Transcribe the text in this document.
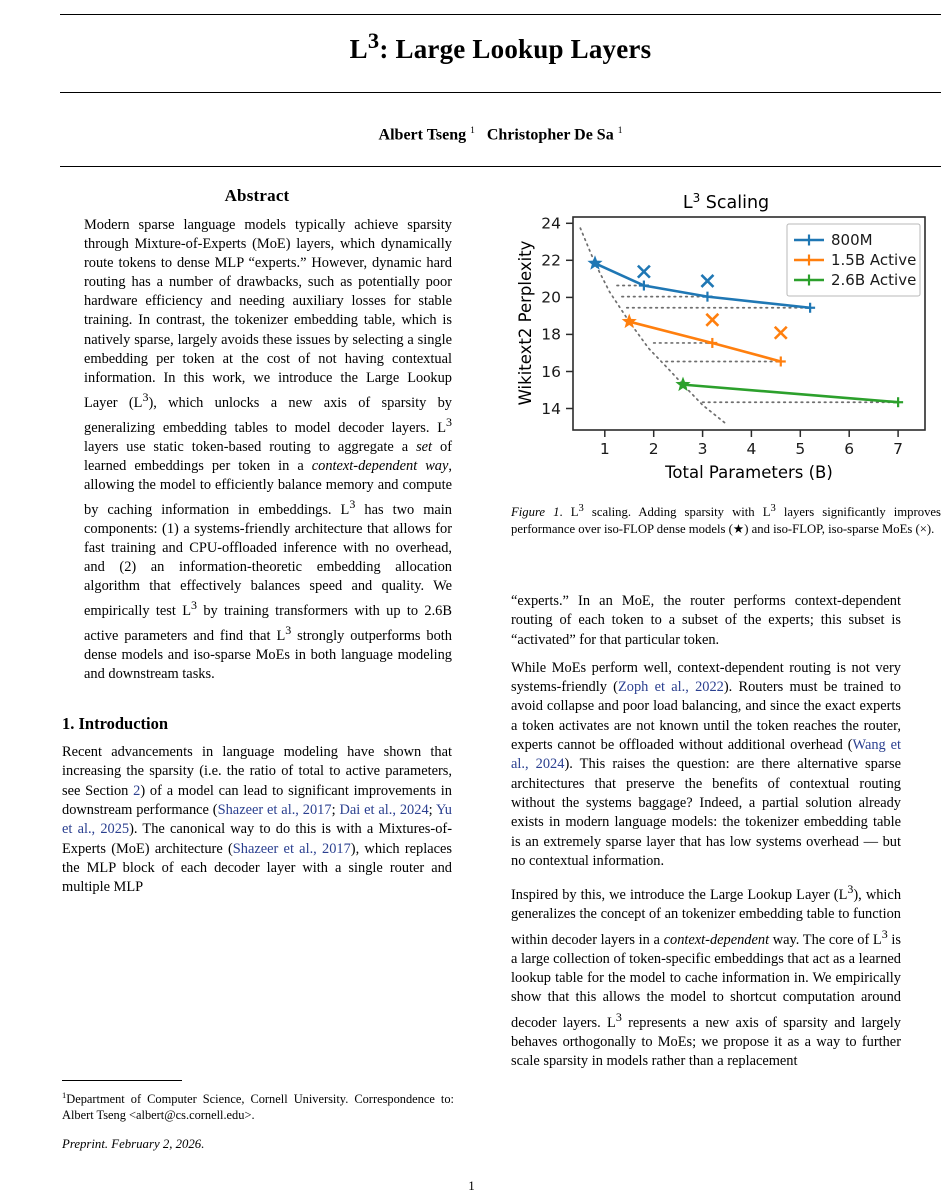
$L^3$: Large Lookup Layers
Albert Tseng $^1$   Christopher De Sa $^1$
Abstract
Modern sparse language models typically achieve sparsity through Mixture-of-Experts (MoE) layers, which dynamically route tokens to dense MLP “experts.” However, dynamic hard routing has a number of drawbacks, such as potentially poor hardware efficiency and needing auxiliary losses for stable training. In contrast, the tokenizer embedding table, which is natively sparse, largely avoids these issues by selecting a single embedding per token at the cost of not having contextual information. In this work, we introduce the Large Lookup Layer $(L^3)$, which unlocks a new axis of sparsity by generalizing embedding tables to model decoder layers. $L^3$ layers use static token-based routing to aggregate a set of learned embeddings per token in a context-dependent way, allowing the model to efficiently balance memory and compute by caching information in embeddings. $L^3$ has two main components: (1) a systems-friendly architecture that allows for fast training and CPU-offloaded inference with no overhead, and (2) an information-theoretic embedding allocation algorithm that effectively balances speed and quality. We empirically test $L^3$ by training transformers with up to 2.6B active parameters and find that $L^3$ strongly outperforms both dense models and iso-sparse MoEs in both language modeling and downstream tasks.
1. Introduction

Recent advancements in language modeling have shown that increasing the sparsity (i.e. the ratio of total to active parameters, see Section 2) of a model can lead to significant improvements in downstream performance (Shazeer et al., 2017; Dai et al., 2024; Yu et al., 2025). The canonical way to do this is with a Mixtures-of-Experts (MoE) architecture (Shazeer et al., 2017), which replaces the MLP block of each decoder layer with a single router and multiple MLP

$^1$Department of Computer Science, Cornell University. Correspondence to: Albert Tseng <albert@cs.cornell.edu>.
Preprint. February 2, 2026.
$L^3$ Scaling
24
22
20
18
16
14
1	2	3	4	5	6	7
Total Parameters (B)
Wikitext2 Perplexity
800M
1.5B Active
2.6B Active
Figure 1. $L^3$ scaling. Adding sparsity with $L^3$ layers significantly improves performance over iso-FLOP dense models (★) and iso-FLOP, iso-sparse MoEs (×).

“experts.” In an MoE, the router performs context-dependent routing of each token to a subset of the experts; this subset is “activated” for that particular token.

While MoEs perform well, context-dependent routing is not very systems-friendly (Zoph et al., 2022). Routers must be trained to avoid collapse and poor load balancing, and since the exact experts a token activates are not known until the token reaches the router, experts cannot be offloaded without additional overhead (Wang et al., 2024). This raises the question: are there alternative sparse architectures that preserve the benefits of contextual routing without the systems baggage? Indeed, a partial solution already exists in modern language models: the tokenizer embedding table is an extremely sparse layer that has low systems overhead — but no contextual information.

Inspired by this, we introduce the Large Lookup Layer $(L^3)$, which generalizes the concept of an tokenizer embedding table to function within decoder layers in a context-dependent way. The core of $L^3$ is a large collection of token-specific embeddings that act as a learned lookup table for the model to cache information in. We empirically show that this allows the model to shortcut computation around decoder layers. $L^3$ represents a new axis of sparsity and largely behaves orthogonally to MoEs; we propose it as a way to further scale sparsity in models rather than a replacement

1
